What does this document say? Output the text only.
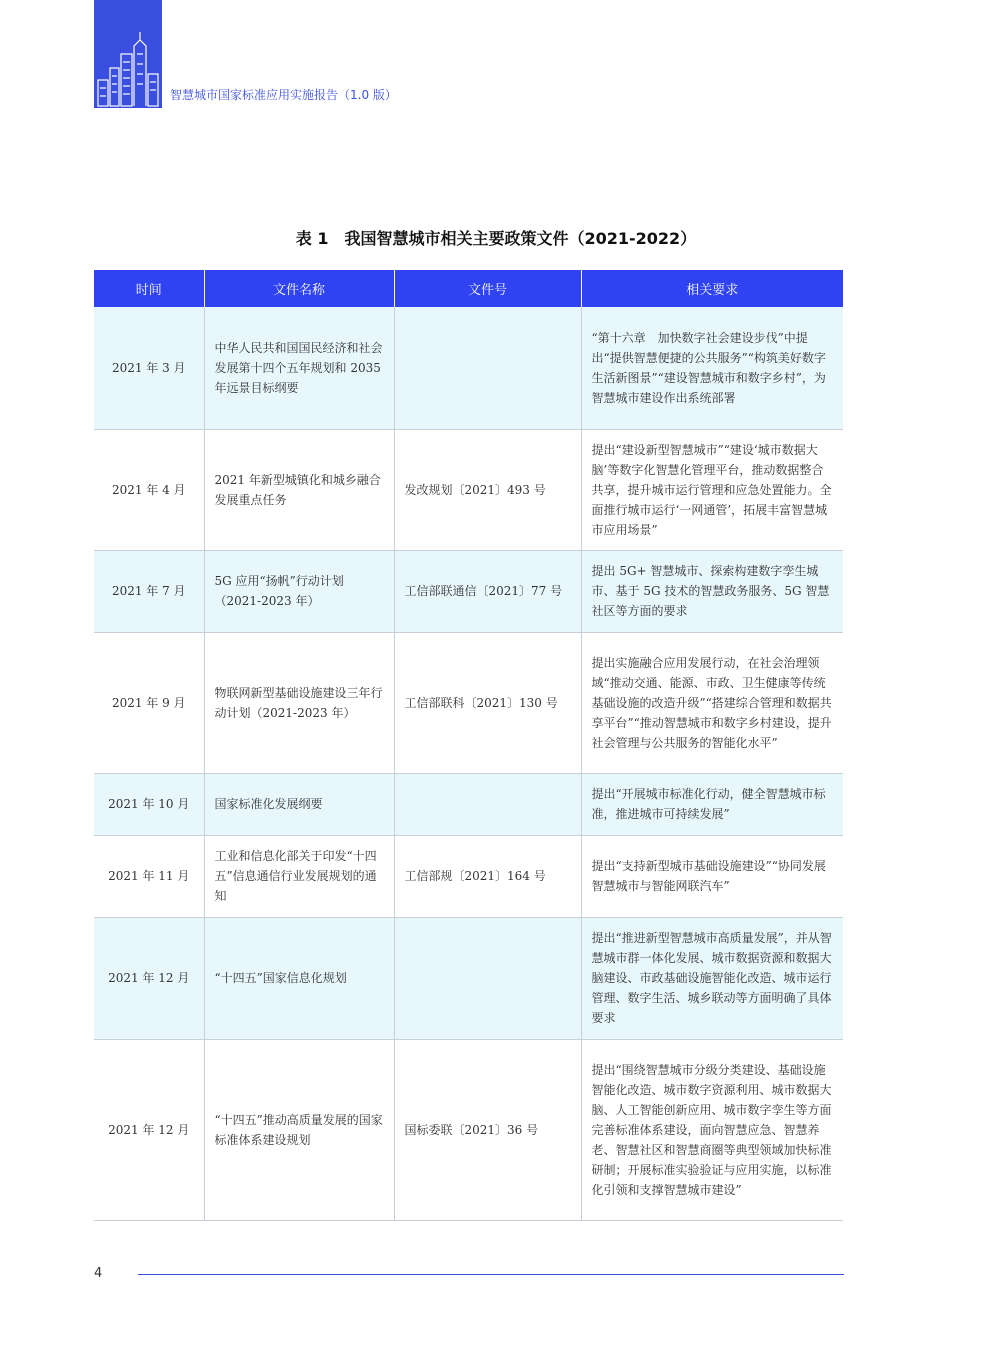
智慧城市国家标准应用实施报告（1.0 版）
表 1　我国智慧城市相关主要政策文件（2021-2022）
时间	文件名称	文件号	相关要求
2021 年 3 月	中华人民共和国国民经济和社会发展第十四个五年规划和 2035 年远景目标纲要		“第十六章　加快数字社会建设步伐”中提出“提供智慧便捷的公共服务”“构筑美好数字生活新图景”“建设智慧城市和数字乡村”，为智慧城市建设作出系统部署
2021 年 4 月	2021 年新型城镇化和城乡融合发展重点任务	发改规划〔2021〕493 号	提出“建设新型智慧城市”“建设‘城市数据大脑’等数字化智慧化管理平台，推动数据整合共享，提升城市运行管理和应急处置能力。全面推行城市运行‘一网通管’，拓展丰富智慧城市应用场景”
2021 年 7 月	5G 应用“扬帆”行动计划（2021-2023 年）	工信部联通信〔2021〕77 号	提出 5G+ 智慧城市、探索构建数字孪生城市、基于 5G 技术的智慧政务服务、5G 智慧社区等方面的要求
2021 年 9 月	物联网新型基础设施建设三年行动计划（2021-2023 年）	工信部联科〔2021〕130 号	提出实施融合应用发展行动，在社会治理领域“推动交通、能源、市政、卫生健康等传统基础设施的改造升级”“搭建综合管理和数据共享平台”“推动智慧城市和数字乡村建设，提升社会管理与公共服务的智能化水平”
2021 年 10 月	国家标准化发展纲要		提出“开展城市标准化行动，健全智慧城市标准，推进城市可持续发展”
2021 年 11 月	工业和信息化部关于印发“十四五”信息通信行业发展规划的通知	工信部规〔2021〕164 号	提出“支持新型城市基础设施建设”“协同发展智慧城市与智能网联汽车”
2021 年 12 月	“十四五”国家信息化规划		提出“推进新型智慧城市高质量发展”，并从智慧城市群一体化发展、城市数据资源和数据大脑建设、市政基础设施智能化改造、城市运行管理、数字生活、城乡联动等方面明确了具体要求
2021 年 12 月	“十四五”推动高质量发展的国家标准体系建设规划	国标委联〔2021〕36 号	提出“围绕智慧城市分级分类建设、基础设施智能化改造、城市数字资源利用、城市数据大脑、人工智能创新应用、城市数字孪生等方面完善标准体系建设，面向智慧应急、智慧养老、智慧社区和智慧商圈等典型领域加快标准研制；开展标准实验验证与应用实施，以标准化引领和支撑智慧城市建设”
4
